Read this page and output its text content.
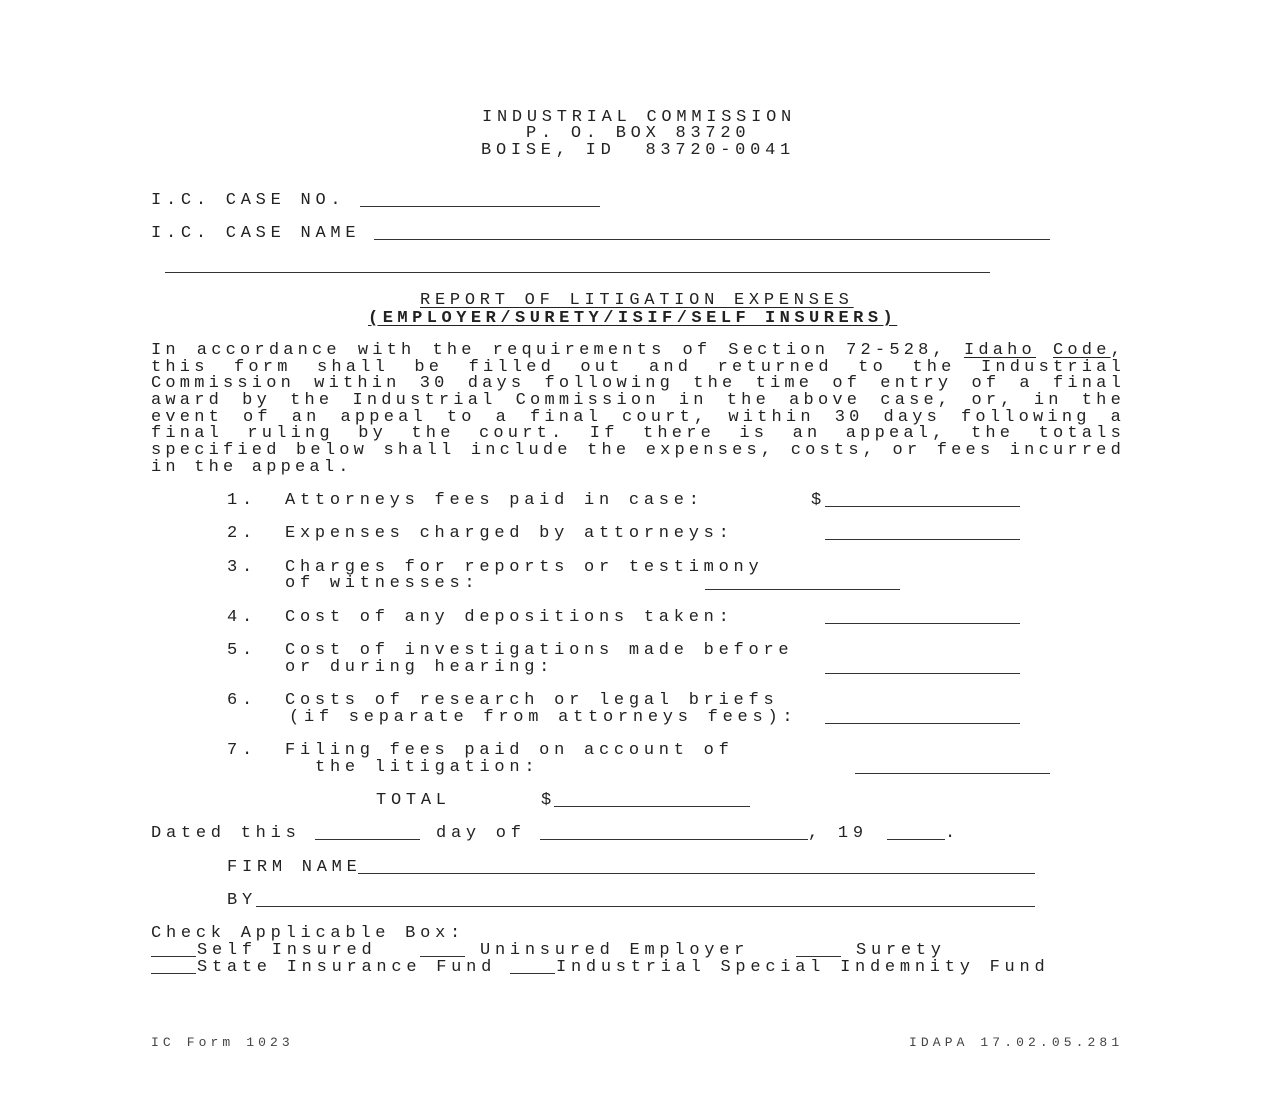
INDUSTRIAL COMMISSION
P. O. BOX 83720
BOISE, ID  83720-0041
I.C. CASE NO.
I.C. CASE NAME
REPORT OF LITIGATION EXPENSES
(EMPLOYER/SURETY/ISIF/SELF INSURERS)
In accordance with the requirements of Section 72-528, Idaho Code,
this form shall be filled out and returned to the Industrial
Commission within 30 days following the time of entry of a final
award by the Industrial Commission in the above case, or, in the
event of an appeal to a final court, within 30 days following a
final ruling by the court. If there is an appeal, the totals
specified below shall include the expenses, costs, or fees incurred
in the appeal.
1. Attorneys fees paid in case:	$
2. Expenses charged by attorneys:
3. Charges for reports or testimony
of witnesses:
4. Cost of any depositions taken:
5. Cost of investigations made before
or during hearing:
6. Costs of research or legal briefs
(if separate from attorneys fees):
7. Filing fees paid on account of
the litigation:
TOTAL	$
Dated this	day of	, 19	.
FIRM NAME
BY
Check Applicable Box:
Self Insured	Uninsured Employer	Surety
State Insurance Fund	Industrial Special Indemnity Fund
IC Form 1023	IDAPA 17.02.05.281
